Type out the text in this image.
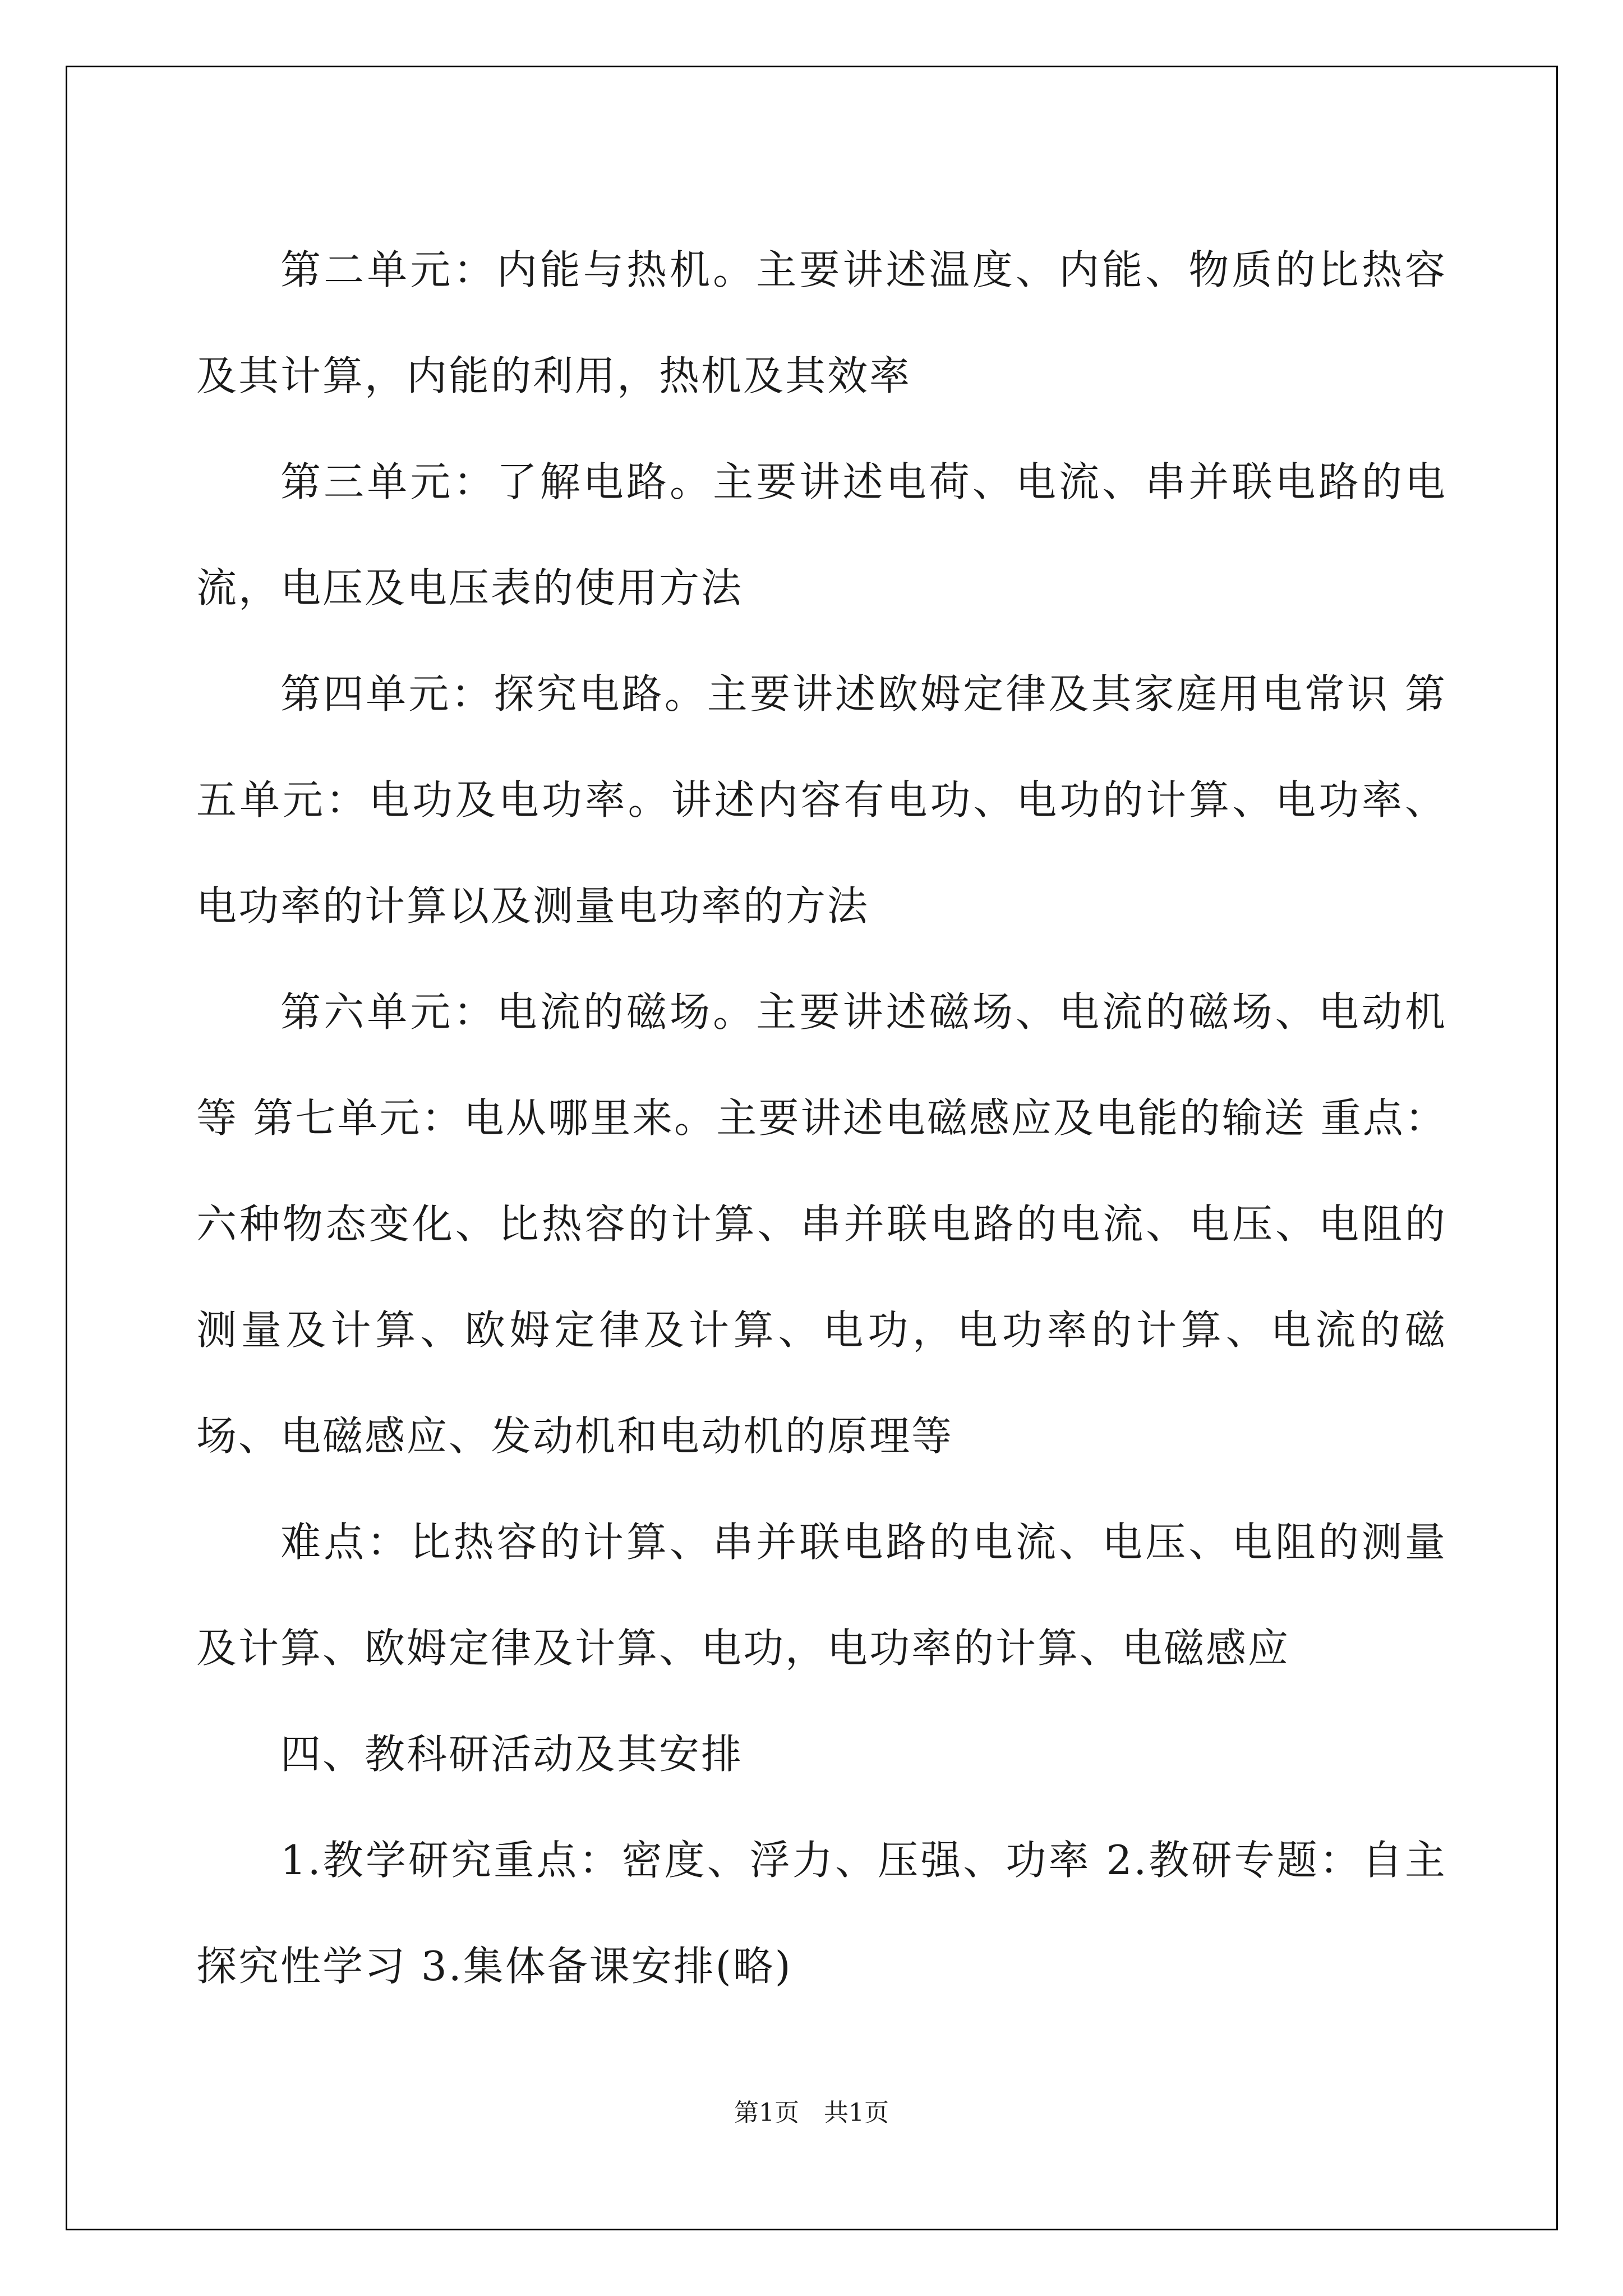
第二单元：内能与热机。主要讲述温度、内能、物质的比热容及其计算，内能的利用，热机及其效率

第三单元：了解电路。主要讲述电荷、电流、串并联电路的电流，电压及电压表的使用方法

第四单元：探究电路。主要讲述欧姆定律及其家庭用电常识 第五单元：电功及电功率。讲述内容有电功、电功的计算、电功率、电功率的计算以及测量电功率的方法

第六单元：电流的磁场。主要讲述磁场、电流的磁场、电动机等 第七单元：电从哪里来。主要讲述电磁感应及电能的输送 重点：六种物态变化、比热容的计算、串并联电路的电流、电压、电阻的测量及计算、欧姆定律及计算、电功，电功率的计算、电流的磁场、电磁感应、发动机和电动机的原理等

难点：比热容的计算、串并联电路的电流、电压、电阻的测量及计算、欧姆定律及计算、电功，电功率的计算、电磁感应

四、教科研活动及其安排

1.教学研究重点：密度、浮力、压强、功率 2.教研专题：自主探究性学习 3.集体备课安排(略)

第1页　共1页
